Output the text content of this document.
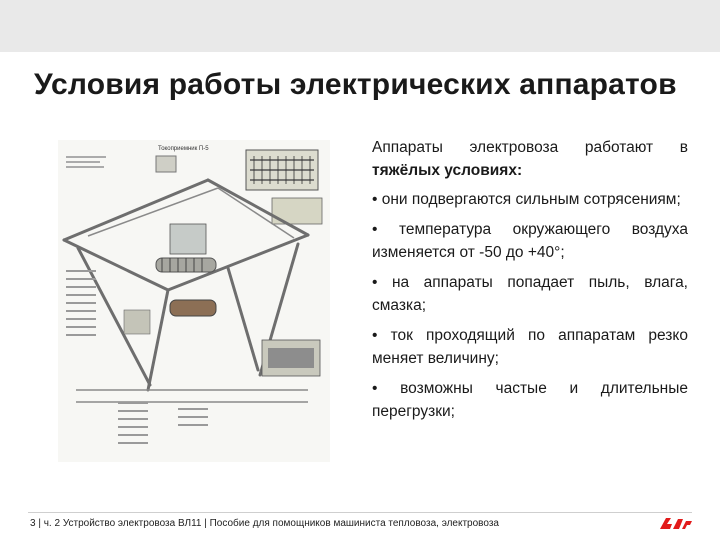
Условия работы электрических аппаратов
Токоприемник П-5	Аппараты электровоза работают в тяжёлых условиях:

• они подвергаются сильным сотрясениям;

• температура окружающего воздуха изменяется от -50 до +40°;

• на аппараты попадает пыль, влага, смазка;

• ток проходящий по аппаратам резко меняет величину;

• возможны частые и длительные перегрузки;

3 | ч. 2 Устройство электровоза ВЛ11 | Пособие для помощников машиниста тепловоза, электровоза
